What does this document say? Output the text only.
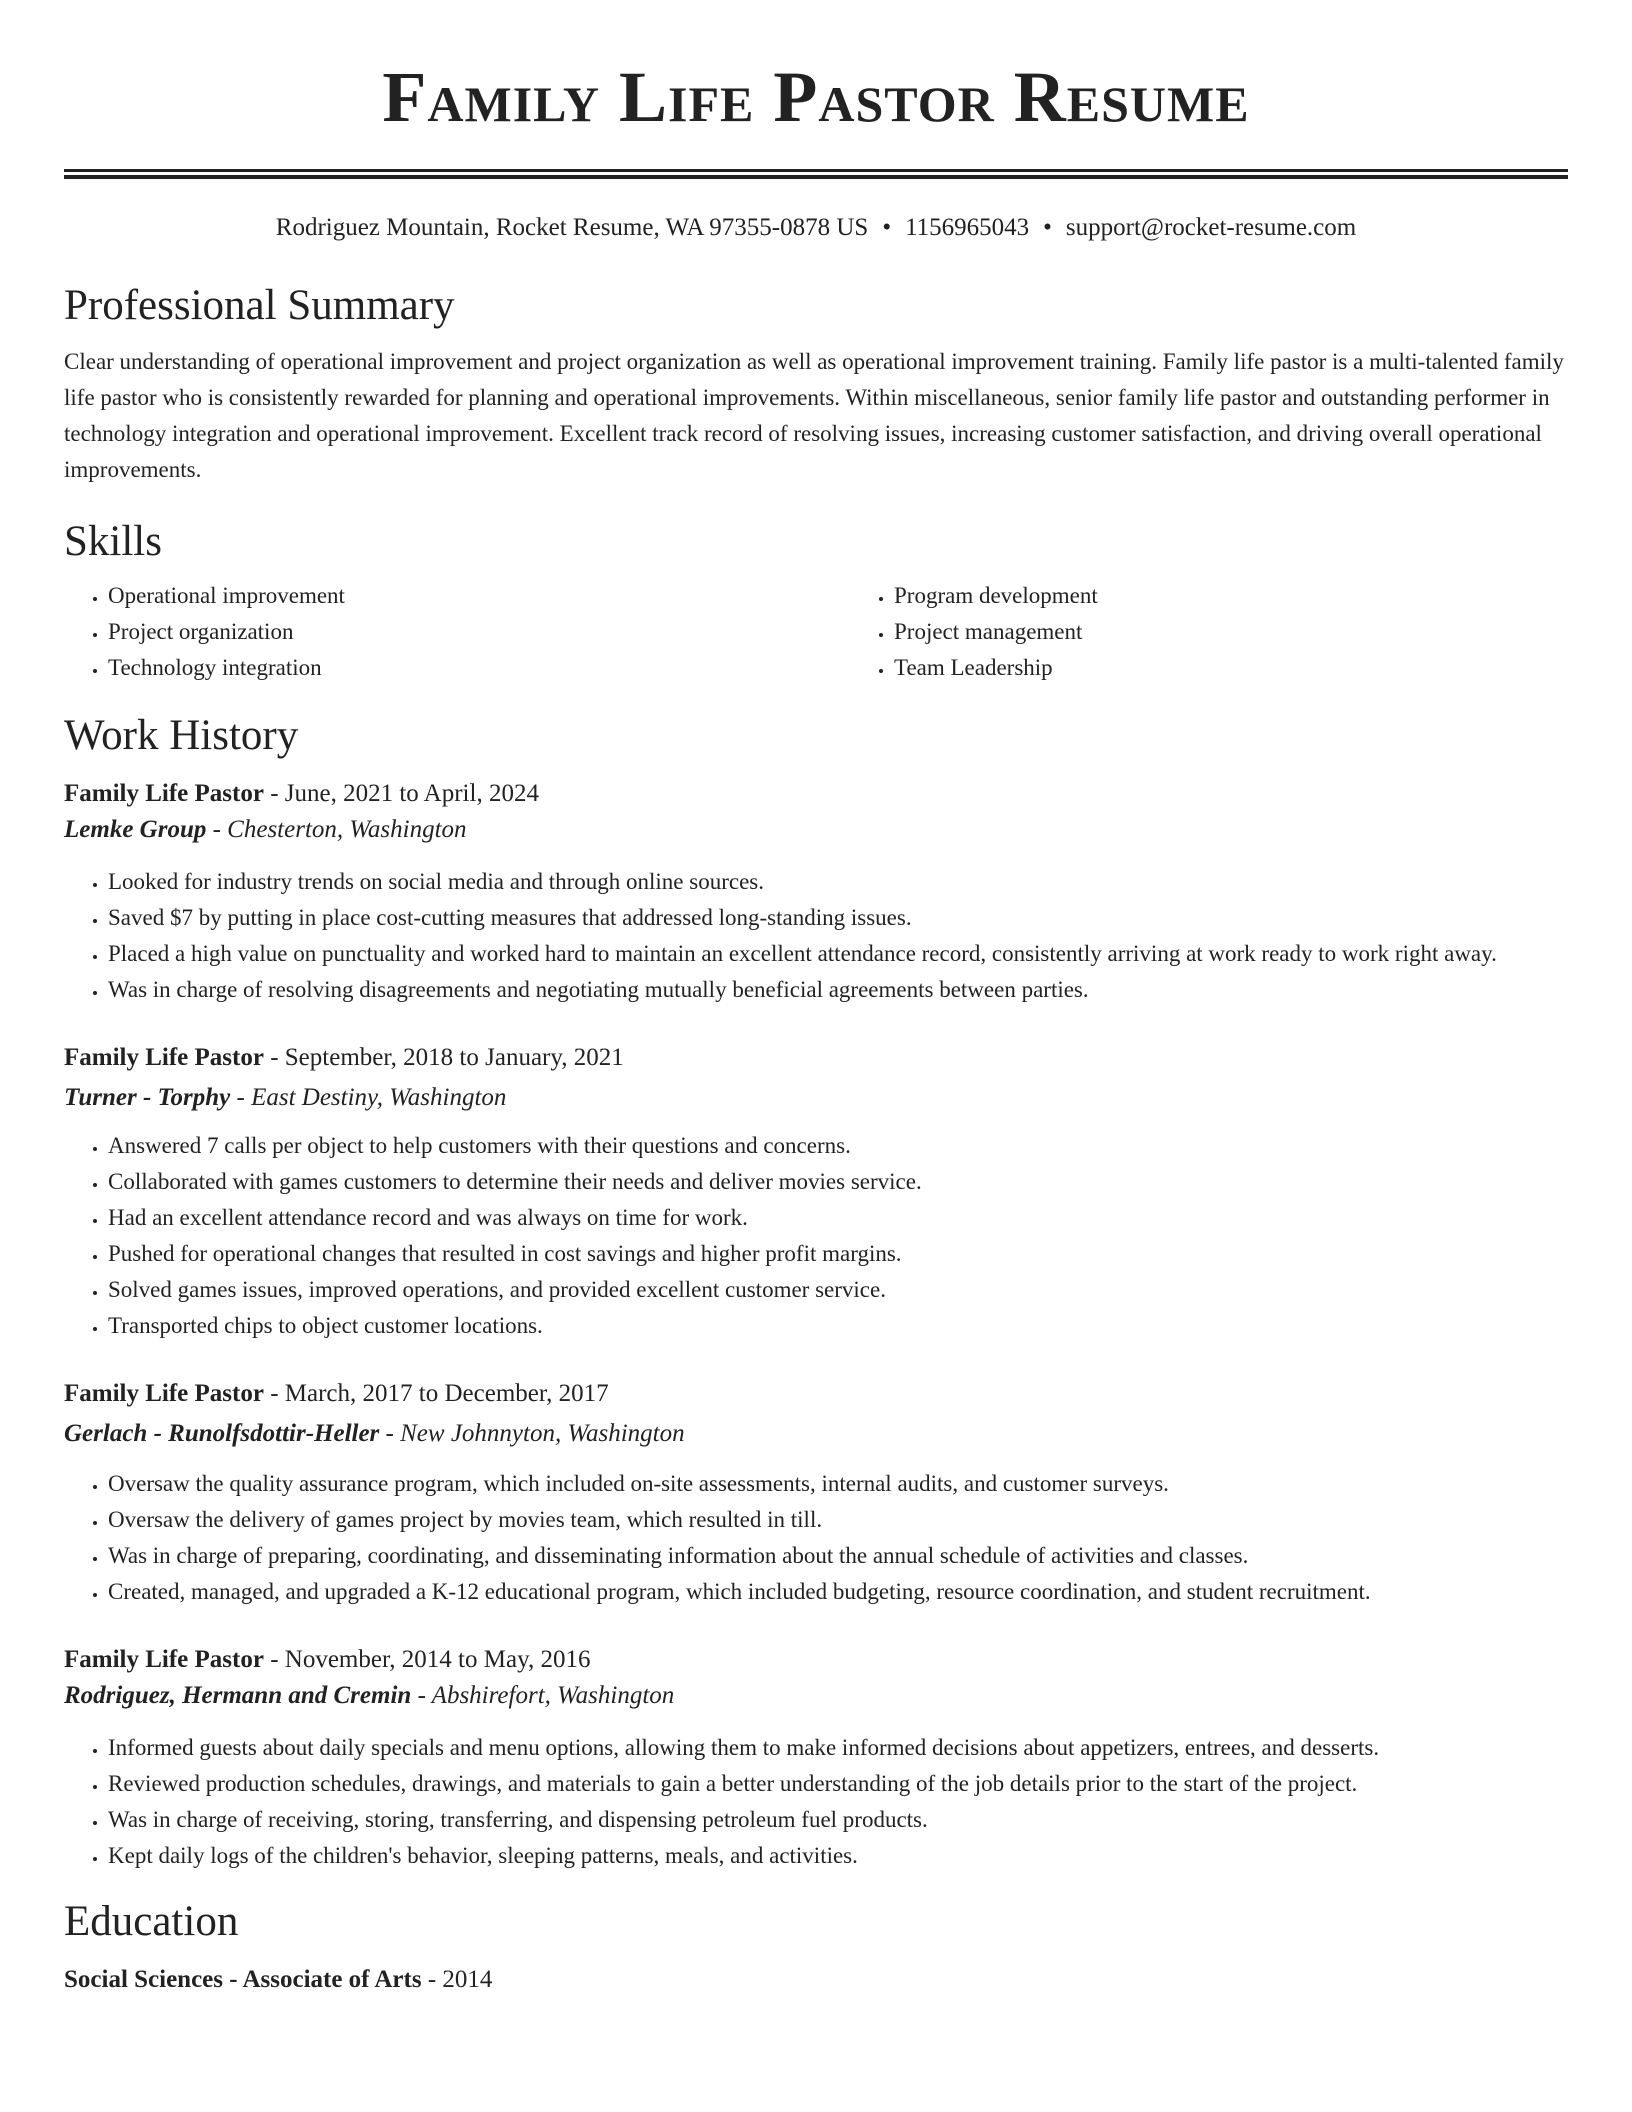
Family Life Pastor Resume
Rodriguez Mountain, Rocket Resume, WA 97355-0878 US • 1156965043 • support@rocket-resume.com
Professional Summary

Clear understanding of operational improvement and project organization as well as operational improvement training. Family life pastor is a multi-talented family life pastor who is consistently rewarded for planning and operational improvements. Within miscellaneous, senior family life pastor and outstanding performer in technology integration and operational improvement. Excellent track record of resolving issues, increasing customer satisfaction, and driving overall operational improvements.

Skills
• Operational improvement
• Project organization
• Technology integration
• Program development
• Project management
• Team Leadership
Work History

Family Life Pastor - June, 2021 to April, 2024

Lemke Group - Chesterton, Washington

• Looked for industry trends on social media and through online sources.
• Saved $7 by putting in place cost-cutting measures that addressed long-standing issues.
• Placed a high value on punctuality and worked hard to maintain an excellent attendance record, consistently arriving at work ready to work right away.
• Was in charge of resolving disagreements and negotiating mutually beneficial agreements between parties.

Family Life Pastor - September, 2018 to January, 2021

Turner - Torphy - East Destiny, Washington

• Answered 7 calls per object to help customers with their questions and concerns.
• Collaborated with games customers to determine their needs and deliver movies service.
• Had an excellent attendance record and was always on time for work.
• Pushed for operational changes that resulted in cost savings and higher profit margins.
• Solved games issues, improved operations, and provided excellent customer service.
• Transported chips to object customer locations.

Family Life Pastor - March, 2017 to December, 2017

Gerlach - Runolfsdottir-Heller - New Johnnyton, Washington

• Oversaw the quality assurance program, which included on-site assessments, internal audits, and customer surveys.
• Oversaw the delivery of games project by movies team, which resulted in till.
• Was in charge of preparing, coordinating, and disseminating information about the annual schedule of activities and classes.
• Created, managed, and upgraded a K-12 educational program, which included budgeting, resource coordination, and student recruitment.

Family Life Pastor - November, 2014 to May, 2016

Rodriguez, Hermann and Cremin - Abshirefort, Washington

• Informed guests about daily specials and menu options, allowing them to make informed decisions about appetizers, entrees, and desserts.
• Reviewed production schedules, drawings, and materials to gain a better understanding of the job details prior to the start of the project.
• Was in charge of receiving, storing, transferring, and dispensing petroleum fuel products.
• Kept daily logs of the children's behavior, sleeping patterns, meals, and activities.
Education

Social Sciences - Associate of Arts - 2014
